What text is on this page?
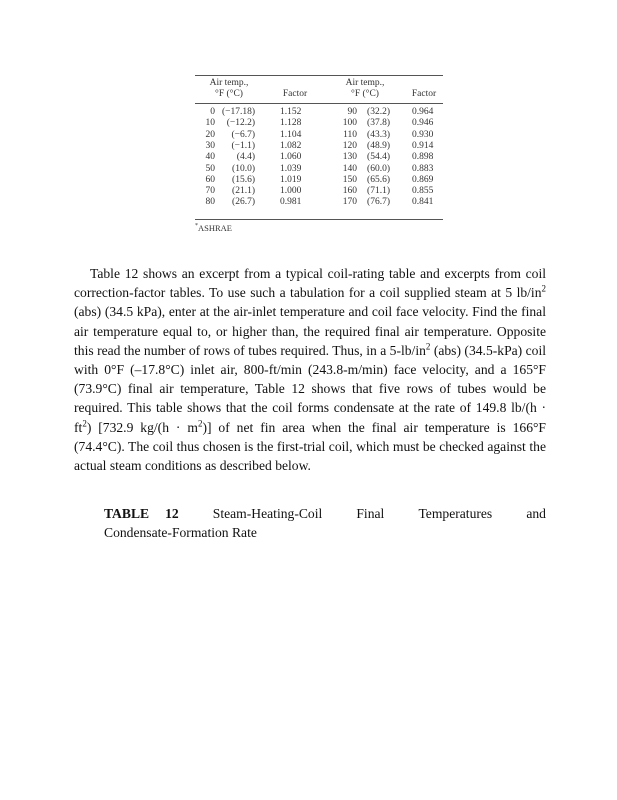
Air temp.,
°F (°C)	Factor
Air temp.,
°F (°C)	Factor
0 (−17.18)	1.152	90	(32.2) 0.964
10	(−12.2)	1.128	100	(37.8) 0.946
20	(−6.7)	1.104	110	(43.3) 0.930
30	(−1.1)	1.082	120	(48.9) 0.914
40	(4.4)	1.060	130	(54.4) 0.898
50	(10.0)	1.039	140	(60.0) 0.883
60	(15.6)	1.019	150	(65.6) 0.869
70	(21.1)	1.000	160	(71.1) 0.855
80	(26.7)	0.981	170	(76.7) 0.841
*ASHRAE

Table 12 shows an excerpt from a typical coil-rating table and excerpts from coil correction-factor tables. To use such a tabulation for a coil supplied steam at 5 $lb/in^2$ (abs) (34.5 kPa), enter at the air-inlet temperature and coil face velocity. Find the final air temperature equal to, or higher than, the required final air temperature. Opposite this read the number of rows of tubes required. Thus, in a $5-lb/in^2$ (abs) (34.5-kPa) coil with 0°F (–17.8°C) inlet air, 800-ft/min (243.8-m/min) face velocity, and a 165°F (73.9°C) final air temperature, Table 12 shows that five rows of tubes would be required. This table shows that the coil forms condensate at the rate of 149.8 $lb/(h \cdot ft^2)$ [732.9 $kg/(h \cdot m^2)$] of net fin area when the final air temperature is 166°F (74.4°C). The coil thus chosen is the first-trial coil, which must be checked against the actual steam conditions as described below.

TABLE 12	Steam-Heating-Coil	Final	Temperatures	and
Condensate-Formation Rate
